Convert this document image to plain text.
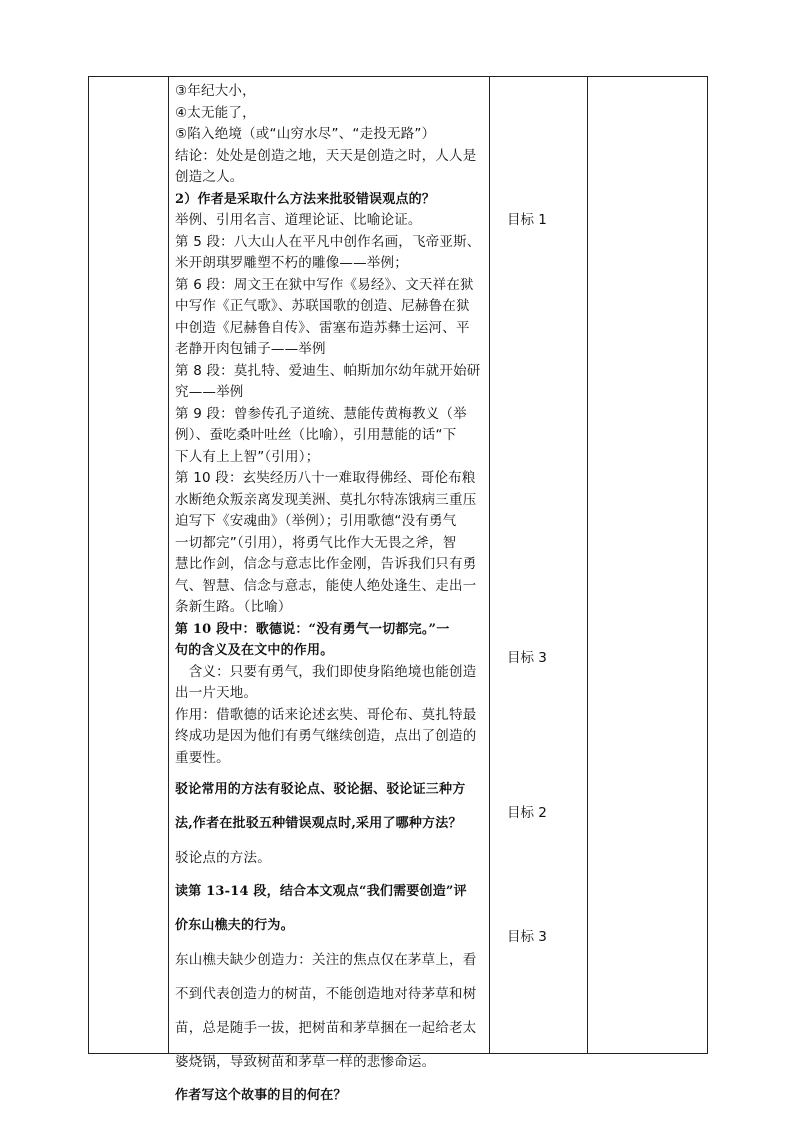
③年纪大小，
④太无能了，
⑤陷入绝境（或“山穷水尽”、“走投无路”）
结论：处处是创造之地，天天是创造之时，人人是
创造之人。
2）作者是采取什么方法来批驳错误观点的？
举例、引用名言、道理论证、比喻论证。
第 5 段：八大山人在平凡中创作名画，飞帝亚斯、
米开朗琪罗雕塑不朽的雕像——举例；
第 6 段：周文王在狱中写作《易经》、文天祥在狱
中写作《正气歌》、苏联国歌的创造、尼赫鲁在狱
中创造《尼赫鲁自传》、雷塞布造苏彝士运河、平
老静开肉包铺子——举例
第 8 段：莫扎特、爱迪生、帕斯加尔幼年就开始研
究——举例
第 9 段：曾参传孔子道统、慧能传黄梅教义（举
例）、蚕吃桑叶吐丝（比喻），引用慧能的话“下
下人有上上智”（引用）；
第 10 段：玄奘经历八十一难取得佛经、哥伦布粮
水断绝众叛亲离发现美洲、莫扎尔特冻饿病三重压
迫写下《安魂曲》（举例）；引用歌德“没有勇气
一切都完”（引用），将勇气比作大无畏之斧，智
慧比作剑，信念与意志比作金刚，告诉我们只有勇
气、智慧、信念与意志，能使人绝处逢生、走出一
条新生路。（比喻）
第 10 段中：歌德说：“没有勇气一切都完。”一
句的含义及在文中的作用。
　含义：只要有勇气，我们即使身陷绝境也能创造
出一片天地。
作用：借歌德的话来论述玄奘、哥伦布、莫扎特最
终成功是因为他们有勇气继续创造，点出了创造的
重要性。
驳论常用的方法有驳论点、驳论据、驳论证三种方
法,作者在批驳五种错误观点时,采用了哪种方法？
驳论点的方法。
读第 13-14 段，结合本文观点“我们需要创造”评
价东山樵夫的行为。
东山樵夫缺少创造力：关注的焦点仅在茅草上，看
不到代表创造力的树苗，不能创造地对待茅草和树
苗，总是随手一拔，把树苗和茅草捆在一起给老太
婆烧锅，导致树苗和茅草一样的悲惨命运。
作者写这个故事的目的何在？
目标 1
目标 3
目标 2
目标 3
